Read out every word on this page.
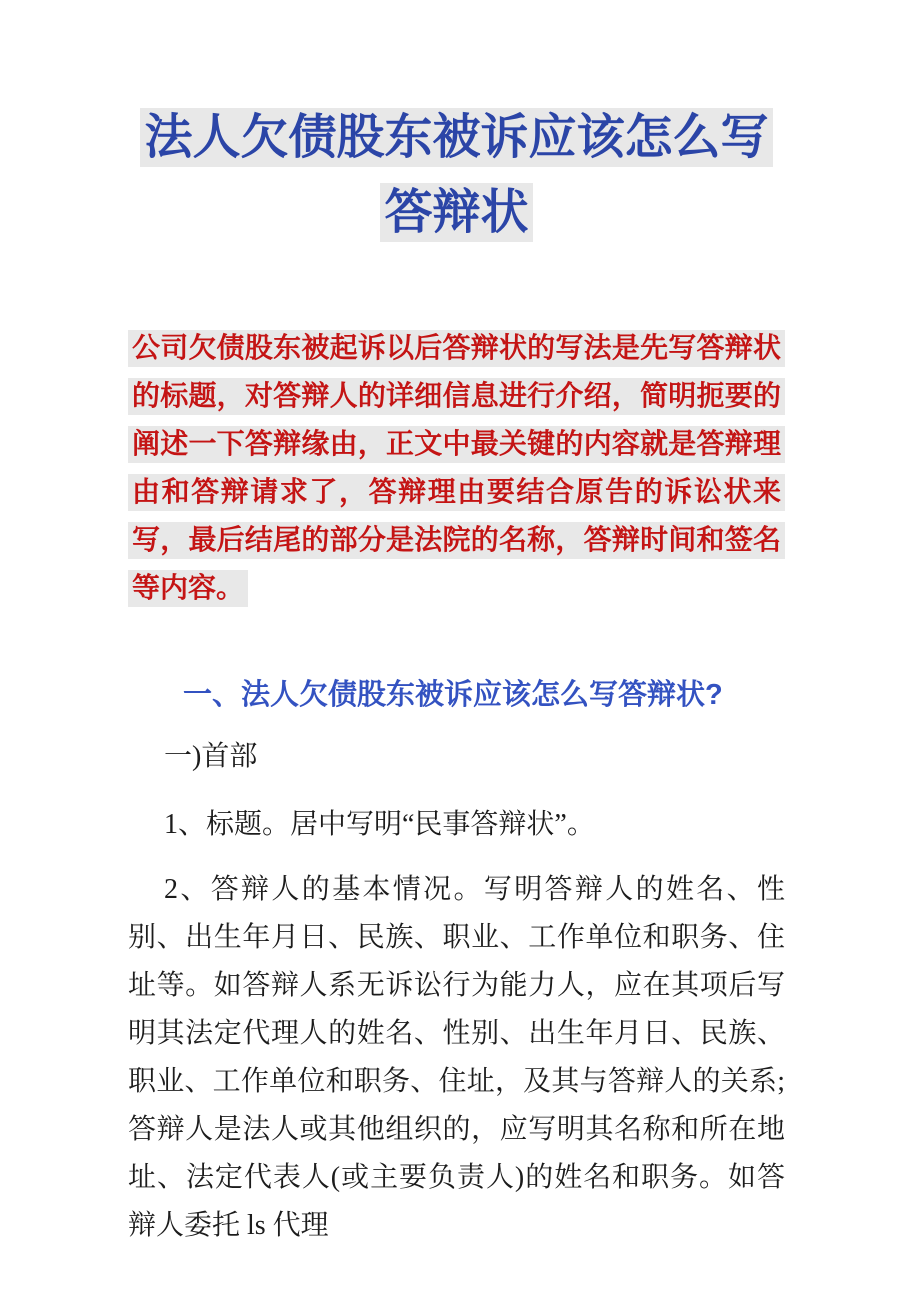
法人欠债股东被诉应该怎么写答辩状

公司欠债股东被起诉以后答辩状的写法是先写答辩状的标题，对答辩人的详细信息进行介绍，简明扼要的阐述一下答辩缘由，正文中最关键的内容就是答辩理由和答辩请求了，答辩理由要结合原告的诉讼状来写，最后结尾的部分是法院的名称，答辩时间和签名等内容。

一、法人欠债股东被诉应该怎么写答辩状?

一)首部

1、标题。居中写明“民事答辩状”。

2、答辩人的基本情况。写明答辩人的姓名、性别、出生年月日、民族、职业、工作单位和职务、住址等。如答辩人系无诉讼行为能力人，应在其项后写明其法定代理人的姓名、性别、出生年月日、民族、职业、工作单位和职务、住址，及其与答辩人的关系;答辩人是法人或其他组织的，应写明其名称和所在地址、法定代表人(或主要负责人)的姓名和职务。如答辩人委托 ls 代理
